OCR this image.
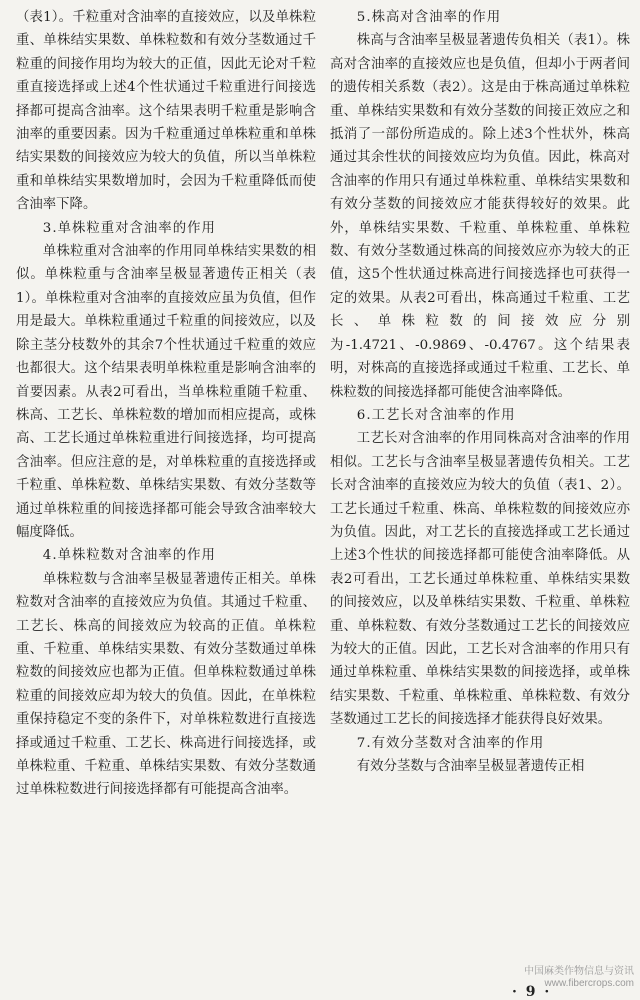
（表1）。千粒重对含油率的直接效应，以及单株粒重、单株结实果数、单株粒数和有效分茎数通过千粒重的间接作用均为较大的正值，因此无论对千粒重直接选择或上述4个性状通过千粒重进行间接选择都可提高含油率。这个结果表明千粒重是影响含油率的重要因素。因为千粒重通过单株粒重和单株结实果数的间接效应为较大的负值，所以当单株粒重和单株结实果数增加时，会因为千粒重降低而使含油率下降。

3.单株粒重对含油率的作用

单株粒重对含油率的作用同单株结实果数的相似。单株粒重与含油率呈极显著遗传正相关（表1）。单株粒重对含油率的直接效应虽为负值，但作用是最大。单株粒重通过千粒重的间接效应，以及除主茎分枝数外的其余7个性状通过千粒重的效应也都很大。这个结果表明单株粒重是影响含油率的首要因素。从表2可看出，当单株粒重随千粒重、株高、工艺长、单株粒数的增加而相应提高，或株高、工艺长通过单株粒重进行间接选择，均可提高含油率。但应注意的是，对单株粒重的直接选择或千粒重、单株粒数、单株结实果数、有效分茎数等通过单株粒重的间接选择都可能会导致含油率较大幅度降低。

4.单株粒数对含油率的作用

单株粒数与含油率呈极显著遗传正相关。单株粒数对含油率的直接效应为负值。其通过千粒重、工艺长、株高的间接效应为较高的正值。单株粒重、千粒重、单株结实果数、有效分茎数通过单株粒数的间接效应也都为正值。但单株粒数通过单株粒重的间接效应却为较大的负值。因此，在单株粒重保持稳定不变的条件下，对单株粒数进行直接选择或通过千粒重、工艺长、株高进行间接选择，或单株粒重、千粒重、单株结实果数、有效分茎数通过单株粒数进行间接选择都有可能提高含油率。

5.株高对含油率的作用

株高与含油率呈极显著遗传负相关（表1）。株高对含油率的直接效应也是负值，但却小于两者间的遗传相关系数（表2）。这是由于株高通过单株粒重、单株结实果数和有效分茎数的间接正效应之和抵消了一部份所造成的。除上述3个性状外，株高通过其余性状的间接效应均为负值。因此，株高对含油率的作用只有通过单株粒重、单株结实果数和有效分茎数的间接效应才能获得较好的效果。此外，单株结实果数、千粒重、单株粒重、单株粒数、有效分茎数通过株高的间接效应亦为较大的正值，这5个性状通过株高进行间接选择也可获得一定的效果。从表2可看出，株高通过千粒重、工艺长、单株粒数的间接效应分别为-1.4721、-0.9869、-0.4767。这个结果表明，对株高的直接选择或通过千粒重、工艺长、单株粒数的间接选择都可能使含油率降低。

6.工艺长对含油率的作用

工艺长对含油率的作用同株高对含油率的作用相似。工艺长与含油率呈极显著遗传负相关。工艺长对含油率的直接效应为较大的负值（表1、2）。工艺长通过千粒重、株高、单株粒数的间接效应亦为负值。因此，对工艺长的直接选择或工艺长通过上述3个性状的间接选择都可能使含油率降低。从表2可看出，工艺长通过单株粒重、单株结实果数的间接效应，以及单株结实果数、千粒重、单株粒重、单株粒数、有效分茎数通过工艺长的间接效应为较大的正值。因此，工艺长对含油率的作用只有通过单株粒重、单株结实果数的间接选择，或单株结实果数、千粒重、单株粒重、单株粒数、有效分茎数通过工艺长的间接选择才能获得良好效果。

7.有效分茎数对含油率的作用

有效分茎数与含油率呈极显著遗传正相

· 9 ·
中国麻类作物信息与资讯
www.fibercrops.com
